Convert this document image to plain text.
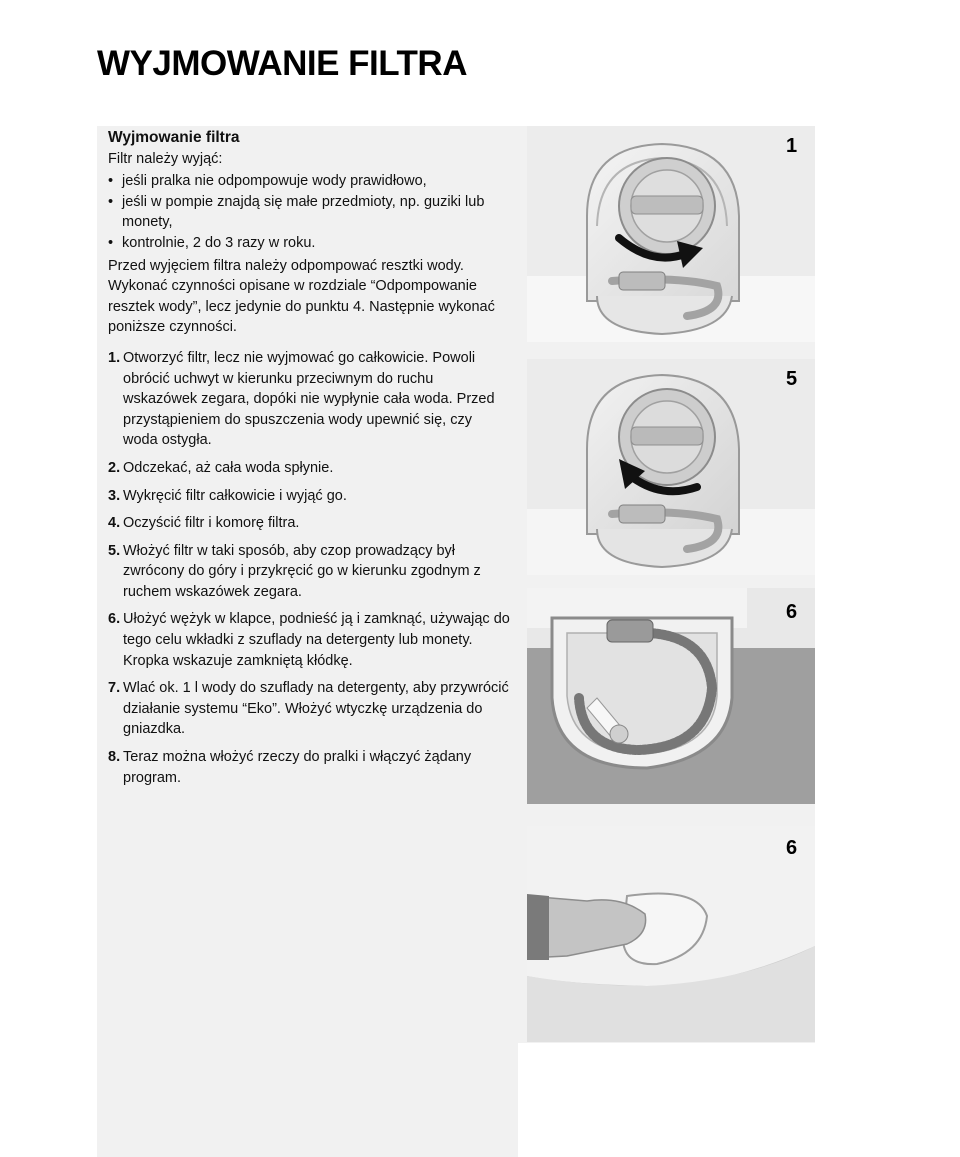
WYJMOWANIE FILTRA

Wyjmowanie filtra

Filtr należy wyjąć:

• jeśli pralka nie odpompowuje wody prawidłowo,
• jeśli w pompie znajdą się małe przedmioty, np. guziki lub monety,
• kontrolnie, 2 do 3 razy w roku.

Przed wyjęciem filtra należy odpompować resztki wody. Wykonać czynności opisane w rozdziale “Odpompowanie resztek wody”, lecz jedynie do punktu 4. Następnie wykonać poniższe czynności.

1. Otworzyć filtr, lecz nie wyjmować go całkowicie. Powoli obrócić uchwyt w kierunku przeciwnym do ruchu wskazówek zegara, dopóki nie wypłynie cała woda. Przed przystąpieniem do spuszczenia wody upewnić się, czy woda ostygła.
2. Odczekać, aż cała woda spłynie.
3. Wykręcić filtr całkowicie i wyjąć go.
4. Oczyścić filtr i komorę filtra.
5. Włożyć filtr w taki sposób, aby czop prowadzący był zwrócony do góry i przykręcić go w kierunku zgodnym z ruchem wskazówek zegara.
6. Ułożyć wężyk w klapce, podnieść ją i zamknąć, używając do tego celu wkładki z szuflady na detergenty lub monety. Kropka wskazuje zamkniętą kłódkę.
7. Wlać ok. 1 l wody do szuflady na detergenty, aby przywrócić działanie systemu “Eko”. Włożyć wtyczkę urządzenia do gniazdka.
8. Teraz można włożyć rzeczy do pralki i włączyć żądany program.
1
5
6
6
